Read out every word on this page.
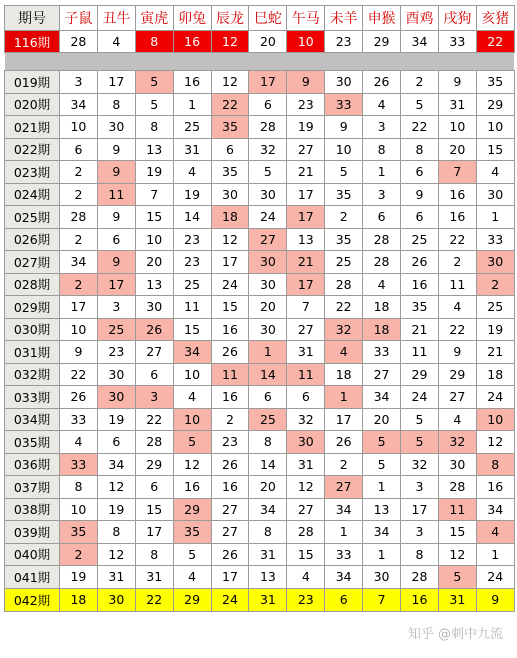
期号	子鼠	丑牛	寅虎	卯兔	辰龙	巳蛇	午马	未羊	申猴	酉鸡	戌狗	亥猪
116期	28	4	8	16	12	20	10	23	29	34	33	22

019期	3	17	5	16	12	17	9	30	26	2	9	35
020期	34	8	5	1	22	6	23	33	4	5	31	29
021期	10	30	8	25	35	28	19	9	3	22	10	10
022期	6	9	13	31	6	32	27	10	8	8	20	15
023期	2	9	19	4	35	5	21	5	1	6	7	4
024期	2	11	7	19	30	30	17	35	3	9	16	30
025期	28	9	15	14	18	24	17	2	6	6	16	1
026期	2	6	10	23	12	27	13	35	28	25	22	33
027期	34	9	20	23	17	30	21	25	28	26	2	30
028期	2	17	13	25	24	30	17	28	4	16	11	2
029期	17	3	30	11	15	20	7	22	18	35	4	25
030期	10	25	26	15	16	30	27	32	18	21	22	19
031期	9	23	27	34	26	1	31	4	33	11	9	21
032期	22	30	6	10	11	14	11	18	27	29	29	18
033期	26	30	3	4	16	6	6	1	34	24	27	24
034期	33	19	22	10	2	25	32	17	20	5	4	10
035期	4	6	28	5	23	8	30	26	5	5	32	12
036期	33	34	29	12	26	14	31	2	5	32	30	8
037期	8	12	6	16	16	20	12	27	1	3	28	16
038期	10	19	15	29	27	34	27	34	13	17	11	34
039期	35	8	17	35	27	8	28	1	34	3	15	4
040期	2	12	8	5	26	31	15	33	1	8	12	1
041期	19	31	31	4	17	13	4	34	30	28	5	24
042期	18	30	22	29	24	31	23	6	7	16	31	9
知乎 @刺中九流
